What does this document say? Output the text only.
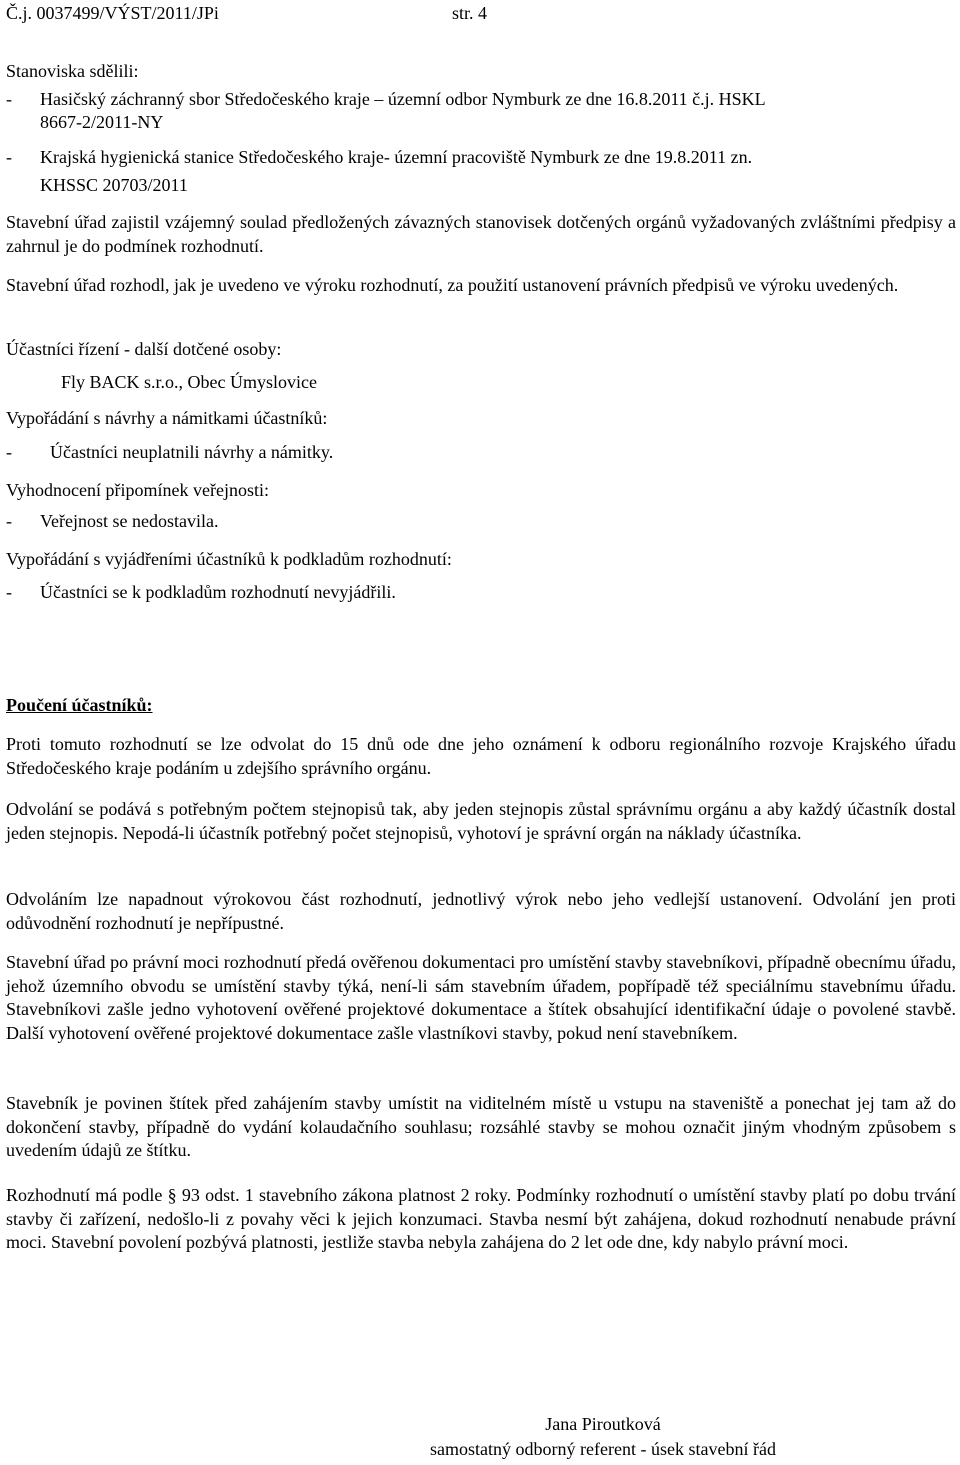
Č.j. 0037499/VÝST/2011/JPi	str. 4
Stanoviska sdělili:
- Hasičský záchranný sbor Středočeského kraje – územní odbor Nymburk ze dne 16.8.2011 č.j. HSKL
8667-2/2011-NY
- Krajská hygienická stanice Středočeského kraje- územní pracoviště Nymburk ze dne 19.8.2011 zn.
KHSSC 20703/2011
Stavební úřad zajistil vzájemný soulad předložených závazných stanovisek dotčených orgánů vyžadovaných zvláštními předpisy a zahrnul je do podmínek rozhodnutí.
Stavební úřad rozhodl, jak je uvedeno ve výroku rozhodnutí, za použití ustanovení právních předpisů ve výroku uvedených.
Účastníci řízení - další dotčené osoby:
Fly BACK s.r.o., Obec Úmyslovice
Vypořádání s návrhy a námitkami účastníků:
- Účastníci neuplatnili návrhy a námitky.
Vyhodnocení připomínek veřejnosti:
- Veřejnost se nedostavila.
Vypořádání s vyjádřeními účastníků k podkladům rozhodnutí:
- Účastníci se k podkladům rozhodnutí nevyjádřili.
Poučení účastníků:
Proti tomuto rozhodnutí se lze odvolat do 15 dnů ode dne jeho oznámení k odboru regionálního rozvoje Krajského úřadu Středočeského kraje podáním u zdejšího správního orgánu.
Odvolání se podává s potřebným počtem stejnopisů tak, aby jeden stejnopis zůstal správnímu orgánu a aby každý účastník dostal jeden stejnopis. Nepodá-li účastník potřebný počet stejnopisů, vyhotoví je správní orgán na náklady účastníka.
Odvoláním lze napadnout výrokovou část rozhodnutí, jednotlivý výrok nebo jeho vedlejší ustanovení. Odvolání jen proti odůvodnění rozhodnutí je nepřípustné.
Stavební úřad po právní moci rozhodnutí předá ověřenou dokumentaci pro umístění stavby stavebníkovi, případně obecnímu úřadu, jehož územního obvodu se umístění stavby týká, není-li sám stavebním úřadem, popřípadě též speciálnímu stavebnímu úřadu. Stavebníkovi zašle jedno vyhotovení ověřené projektové dokumentace a štítek obsahující identifikační údaje o povolené stavbě. Další vyhotovení ověřené projektové dokumentace zašle vlastníkovi stavby, pokud není stavebníkem.
Stavebník je povinen štítek před zahájením stavby umístit na viditelném místě u vstupu na staveniště a ponechat jej tam až do dokončení stavby, případně do vydání kolaudačního souhlasu; rozsáhlé stavby se mohou označit jiným vhodným způsobem s uvedením údajů ze štítku.
Rozhodnutí má podle § 93 odst. 1 stavebního zákona platnost 2 roky. Podmínky rozhodnutí o umístění stavby platí po dobu trvání stavby či zařízení, nedošlo-li z povahy věci k jejich konzumaci. Stavba nesmí být zahájena, dokud rozhodnutí nenabude právní moci. Stavební povolení pozbývá platnosti, jestliže stavba nebyla zahájena do 2 let ode dne, kdy nabylo právní moci.
Jana Piroutková
samostatný odborný referent - úsek stavební řád
